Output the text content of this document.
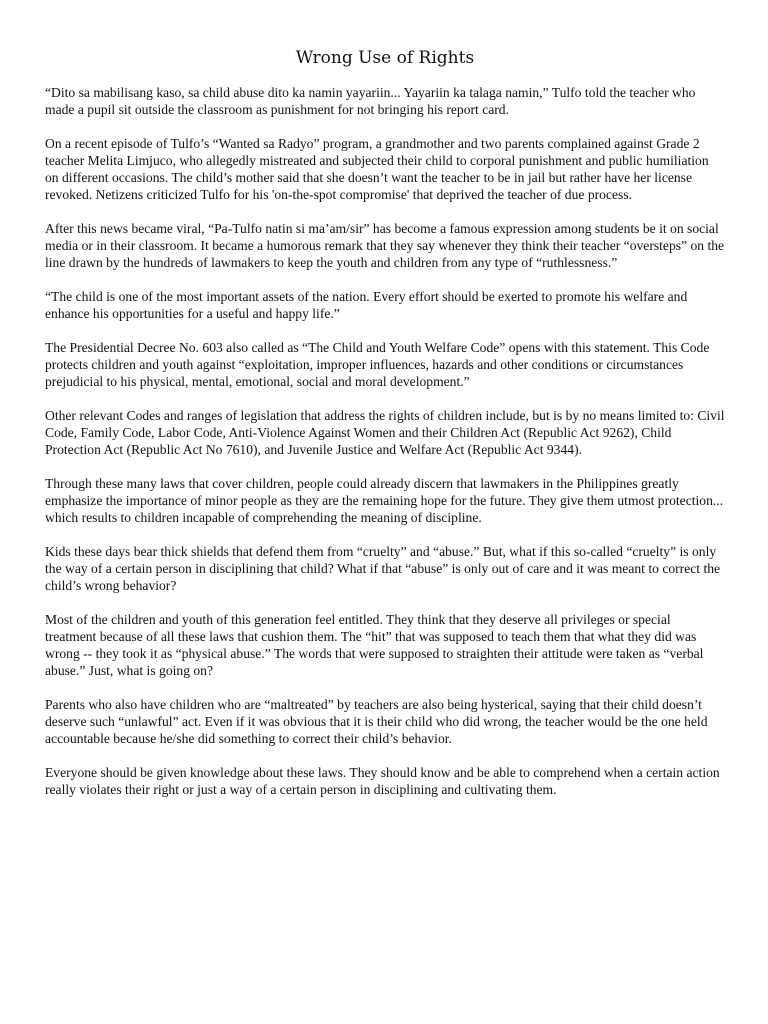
Wrong Use of Rights

“Dito sa mabilisang kaso, sa child abuse dito ka namin yayariin... Yayariin ka talaga namin,” Tulfo told the teacher who made a pupil sit outside the classroom as punishment for not bringing his report card.

On a recent episode of Tulfo’s “Wanted sa Radyo” program, a grandmother and two parents complained against Grade 2 teacher Melita Limjuco, who allegedly mistreated and subjected their child to corporal punishment and public humiliation on different occasions. The child’s mother said that she doesn’t want the teacher to be in jail but rather have her license revoked. Netizens criticized Tulfo for his 'on-the-spot compromise' that deprived the teacher of due process.

After this news became viral, “Pa-Tulfo natin si ma’am/sir” has become a famous expression among students be it on social media or in their classroom. It became a humorous remark that they say whenever they think their teacher “oversteps” on the line drawn by the hundreds of lawmakers to keep the youth and children from any type of “ruthlessness.”

“The child is one of the most important assets of the nation. Every effort should be exerted to promote his welfare and enhance his opportunities for a useful and happy life.”

The Presidential Decree No. 603 also called as “The Child and Youth Welfare Code” opens with this statement. This Code protects children and youth against “exploitation, improper influences, hazards and other conditions or circumstances prejudicial to his physical, mental, emotional, social and moral development.”

Other relevant Codes and ranges of legislation that address the rights of children include, but is by no means limited to: Civil Code, Family Code, Labor Code, Anti-Violence Against Women and their Children Act (Republic Act 9262), Child Protection Act (Republic Act No 7610), and Juvenile Justice and Welfare Act (Republic Act 9344).

Through these many laws that cover children, people could already discern that lawmakers in the Philippines greatly emphasize the importance of minor people as they are the remaining hope for the future. They give them utmost protection... which results to children incapable of comprehending the meaning of discipline.

Kids these days bear thick shields that defend them from “cruelty” and “abuse.” But, what if this so-called “cruelty” is only the way of a certain person in disciplining that child? What if that “abuse” is only out of care and it was meant to correct the child’s wrong behavior?

Most of the children and youth of this generation feel entitled. They think that they deserve all privileges or special treatment because of all these laws that cushion them. The “hit” that was supposed to teach them that what they did was wrong -- they took it as “physical abuse.” The words that were supposed to straighten their attitude were taken as “verbal abuse.” Just, what is going on?

Parents who also have children who are “maltreated” by teachers are also being hysterical, saying that their child doesn’t deserve such “unlawful” act. Even if it was obvious that it is their child who did wrong, the teacher would be the one held accountable because he/she did something to correct their child’s behavior.

Everyone should be given knowledge about these laws. They should know and be able to comprehend when a certain action really violates their right or just a way of a certain person in disciplining and cultivating them.
